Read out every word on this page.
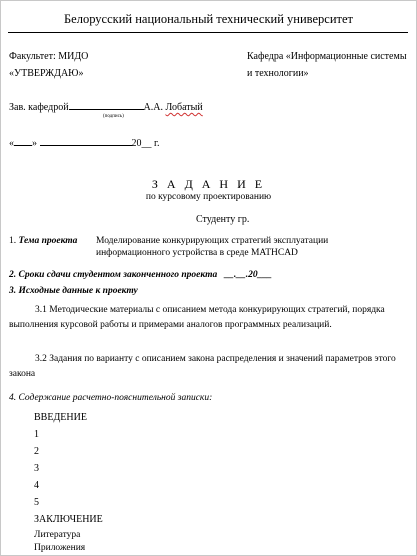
Белорусский национальный технический университет
Факультет: МИДО
«УТВЕРЖДАЮ»
Кафедра «Информационные системы
и технологии»
Зав. кафедрой	А.А. Лобатый
(подпись)
« »	20__ г.
З А Д А Н И Е
по курсовому проектированию
Студенту гр.
1. Тема проекта Моделирование конкурирующих стратегий эксплуатации
информационного устройства в среде MATHCAD
2. Сроки сдачи студентом законченного проекта __.__.20___
3. Исходные данные к проекту
3.1 Методические материалы с описанием метода конкурирующих стратегий, порядка выполнения курсовой работы и примерами аналогов программных реализаций.
3.2 Задания по варианту с описанием закона распределения и значений параметров этого закона
4. Содержание расчетно-пояснительной записки:
ВВЕДЕНИЕ
1
2
3
4
5
ЗАКЛЮЧЕНИЕ
Литература
Приложения
